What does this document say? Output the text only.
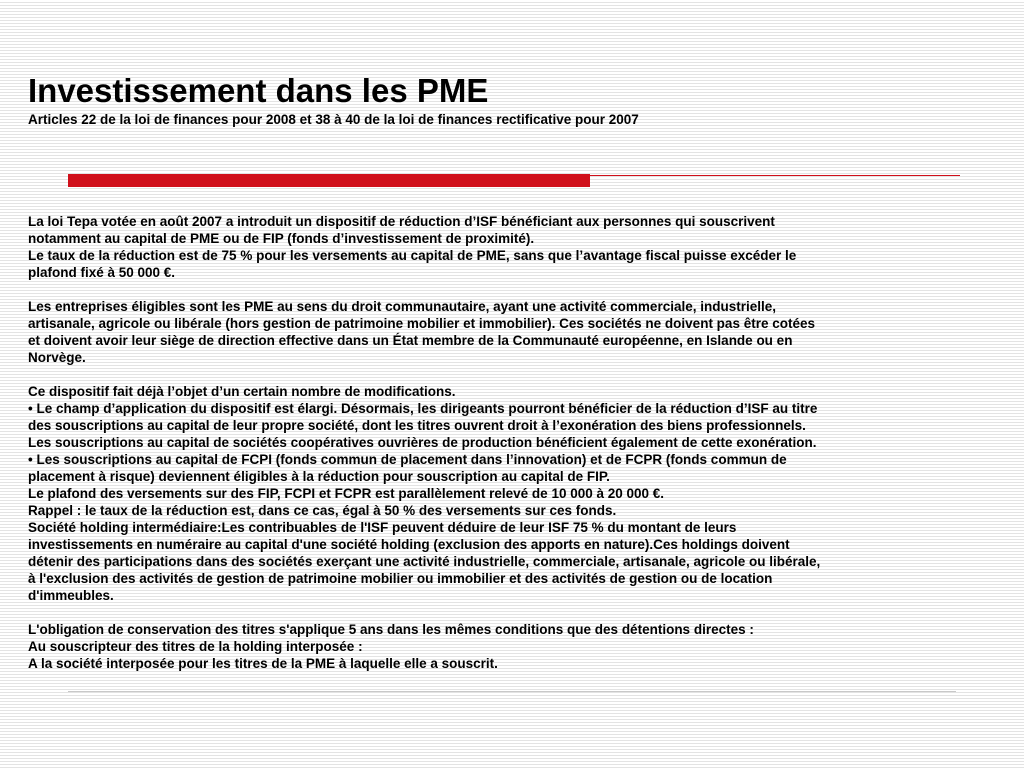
Investissement dans les PME
Articles 22 de la loi de finances pour 2008 et 38 à 40 de la loi de finances rectificative pour 2007
La loi Tepa votée en août 2007 a introduit un dispositif de réduction d’ISF bénéficiant aux personnes qui souscrivent
notamment au capital de PME ou de FIP (fonds d’investissement de proximité).
Le taux de la réduction est de 75 % pour les versements au capital de PME, sans que l’avantage fiscal puisse excéder le
plafond fixé à 50 000 €.

Les entreprises éligibles sont les PME au sens du droit communautaire, ayant une activité commerciale, industrielle,
artisanale, agricole ou libérale (hors gestion de patrimoine mobilier et immobilier). Ces sociétés ne doivent pas être cotées
et doivent avoir leur siège de direction effective dans un État membre de la Communauté européenne, en Islande ou en
Norvège.

Ce dispositif fait déjà l’objet d’un certain nombre de modifications.
• Le champ d’application du dispositif est élargi. Désormais, les dirigeants pourront bénéficier de la réduction d’ISF au titre
des souscriptions au capital de leur propre société, dont les titres ouvrent droit à l’exonération des biens professionnels.
Les souscriptions au capital de sociétés coopératives ouvrières de production bénéficient également de cette exonération.
• Les souscriptions au capital de FCPI (fonds commun de placement dans l’innovation) et de FCPR (fonds commun de
placement à risque) deviennent éligibles à la réduction pour souscription au capital de FIP.
Le plafond des versements sur des FIP, FCPI et FCPR est parallèlement relevé de 10 000 à 20 000 €.
Rappel : le taux de la réduction est, dans ce cas, égal à 50 % des versements sur ces fonds.
Société holding intermédiaire:Les contribuables de l'ISF peuvent déduire de leur ISF 75 % du montant de leurs
investissements en numéraire au capital d'une société holding (exclusion des apports en nature).Ces holdings doivent
détenir des participations dans des sociétés exerçant une activité industrielle, commerciale, artisanale, agricole ou libérale,
à l'exclusion des activités de gestion de patrimoine mobilier ou immobilier et des activités de gestion ou de location
d'immeubles.

L'obligation de conservation des titres s'applique 5 ans dans les mêmes conditions que des détentions directes :
Au souscripteur des titres de la holding interposée :
A la société interposée pour les titres de la PME à laquelle elle a souscrit.
